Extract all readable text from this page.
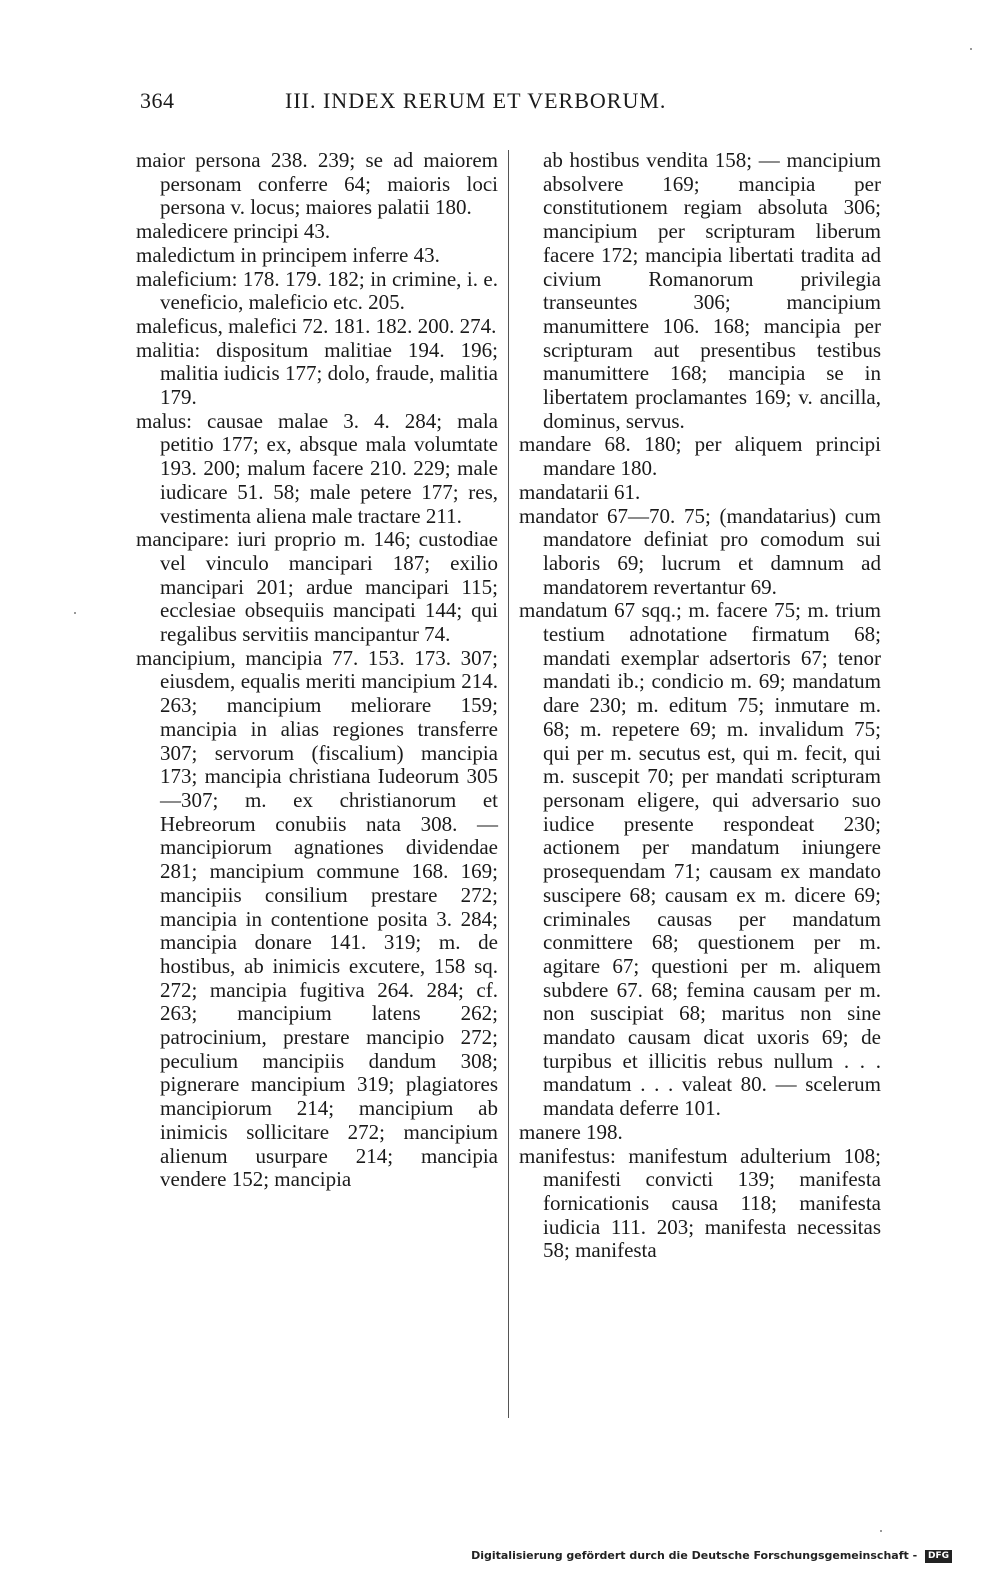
364	III. INDEX RERUM ET VERBORUM.

maior persona 238. 239; se ad maiorem personam conferre 64; maioris loci persona v. locus; maiores palatii 180.

maledicere principi 43.

maledictum in principem inferre 43.

maleficium: 178. 179. 182; in crimine, i. e. veneficio, maleficio etc. 205.

maleficus, malefici 72. 181. 182. 200. 274.

malitia: dispositum malitiae 194. 196; malitia iudicis 177; dolo, fraude, malitia 179.

malus: causae malae 3. 4. 284; mala petitio 177; ex, absque mala volumtate 193. 200; malum facere 210. 229; male iudicare 51. 58; male petere 177; res, vestimenta aliena male tractare 211.

mancipare: iuri proprio m. 146; custodiae vel vinculo mancipari 187; exilio mancipari 201; ardue mancipari 115; ecclesiae obsequiis mancipati 144; qui regalibus servitiis mancipantur 74.

mancipium, mancipia 77. 153. 173. 307; eiusdem, equalis meriti mancipium 214. 263; mancipium meliorare 159; mancipia in alias regiones transferre 307; servorum (fiscalium) mancipia 173; mancipia christiana Iudeorum 305—307; m. ex christianorum et Hebreorum conubiis nata 308. — mancipiorum agnationes dividendae 281; mancipium commune 168. 169; mancipiis consilium prestare 272; mancipia in contentione posita 3. 284; mancipia donare 141. 319; m. de hostibus, ab inimicis excutere, 158 sq. 272; mancipia fugitiva 264. 284; cf. 263; mancipium latens 262; patrocinium, prestare mancipio 272; peculium mancipiis dandum 308; pignerare mancipium 319; plagiatores mancipiorum 214; mancipium ab inimicis sollicitare 272; mancipium alienum usurpare 214; mancipia vendere 152; mancipia

ab hostibus vendita 158; — mancipium absolvere 169; mancipia per constitutionem regiam absoluta 306; mancipium per scripturam liberum facere 172; mancipia libertati tradita ad civium Romanorum privilegia transeuntes 306; mancipium manumittere 106. 168; mancipia per scripturam aut presentibus testibus manumittere 168; mancipia se in libertatem proclamantes 169; v. ancilla, dominus, servus.

mandare 68. 180; per aliquem principi mandare 180.

mandatarii 61.

mandator 67—70. 75; (mandatarius) cum mandatore definiat pro comodum sui laboris 69; lucrum et damnum ad mandatorem revertantur 69.

mandatum 67 sqq.; m. facere 75; m. trium testium adnotatione firmatum 68; mandati exemplar adsertoris 67; tenor mandati ib.; condicio m. 69; mandatum dare 230; m. editum 75; inmutare m. 68; m. repetere 69; m. invalidum 75; qui per m. secutus est, qui m. fecit, qui m. suscepit 70; per mandati scripturam personam eligere, qui adversario suo iudice presente respondeat 230; actionem per mandatum iniungere prosequendam 71; causam ex mandato suscipere 68; causam ex m. dicere 69; criminales causas per mandatum conmittere 68; questionem per m. agitare 67; questioni per m. aliquem subdere 67. 68; femina causam per m. non suscipiat 68; maritus non sine mandato causam dicat uxoris 69; de turpibus et illicitis rebus nullum . . . mandatum . . . valeat 80. — scelerum mandata deferre 101.

manere 198.

manifestus: manifestum adulterium 108; manifesti convicti 139; manifesta fornicationis causa 118; manifesta iudicia 111. 203; manifesta necessitas 58; manifesta

Digitalisierung gefördert durch die Deutsche Forschungsgemeinschaft - DFG
